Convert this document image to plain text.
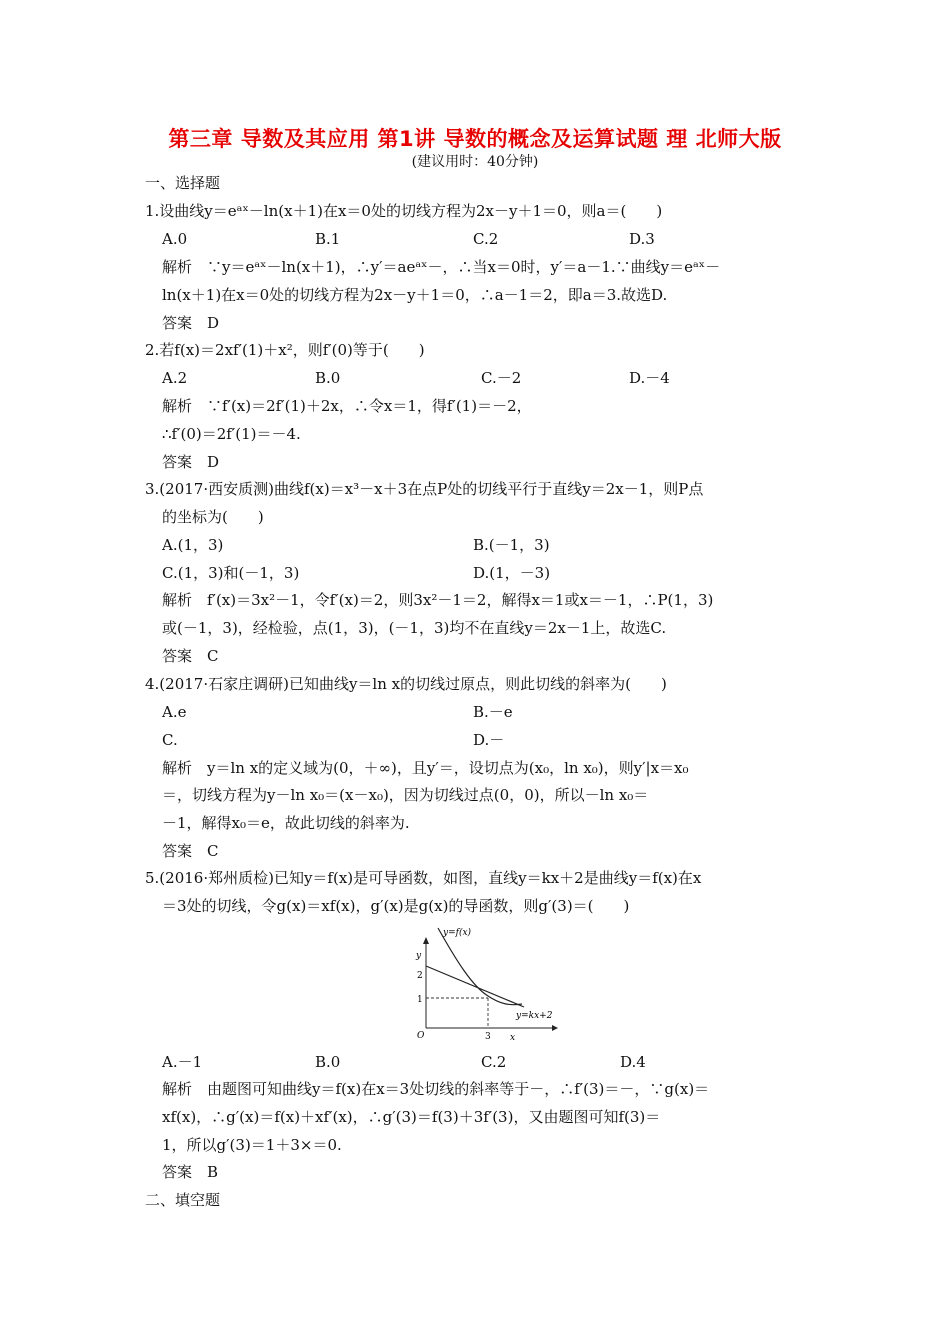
第三章 导数及其应用 第1讲 导数的概念及运算试题 理 北师大版
(建议用时：40分钟)
一、选择题
1.设曲线y＝eᵃˣ－ln(x＋1)在x＝0处的切线方程为2x－y＋1＝0，则a＝(　　)
A.0	B.1	C.2	D.3
解析　∵y＝eᵃˣ－ln(x＋1)，∴y′＝aeᵃˣ－，∴当x＝0时，y′＝a－1.∵曲线y＝eᵃˣ－
ln(x＋1)在x＝0处的切线方程为2x－y＋1＝0，∴a－1＝2，即a＝3.故选D.
答案　D
2.若f(x)＝2xf′(1)＋x²，则f′(0)等于(　　)
A.2	B.0	C.－2	D.－4
解析　∵f′(x)＝2f′(1)＋2x，∴令x＝1，得f′(1)＝－2，
∴f′(0)＝2f′(1)＝－4.
答案　D
3.(2017·西安质测)曲线f(x)＝x³－x＋3在点P处的切线平行于直线y＝2x－1，则P点
的坐标为(　　)
A.(1，3)	B.(－1，3)
C.(1，3)和(－1，3)	D.(1，－3)
解析　f′(x)＝3x²－1，令f′(x)＝2，则3x²－1＝2，解得x＝1或x＝－1，∴P(1，3)
或(－1，3)，经检验，点(1，3)，(－1，3)均不在直线y＝2x－1上，故选C.
答案　C
4.(2017·石家庄调研)已知曲线y＝ln x的切线过原点，则此切线的斜率为(　　)
A.e	B.－e
C.	D.－
解析　y＝ln x的定义域为(0，＋∞)，且y′＝，设切点为(x₀，ln x₀)，则y′|x＝x₀
＝，切线方程为y－ln x₀＝(x－x₀)，因为切线过点(0，0)，所以－ln x₀＝
－1，解得x₀＝e，故此切线的斜率为.
答案　C
5.(2016·郑州质检)已知y＝f(x)是可导函数，如图，直线y＝kx＋2是曲线y＝f(x)在x
＝3处的切线，令g(x)＝xf(x)，g′(x)是g(x)的导函数，则g′(3)＝(　　)
y=f(x)
y=kx+2
y
x
O
2
1
3
A.－1	B.0	C.2	D.4
解析　由题图可知曲线y＝f(x)在x＝3处切线的斜率等于－，∴f′(3)＝－，∵g(x)＝
xf(x)，∴g′(x)＝f(x)＋xf′(x)，∴g′(3)＝f(3)＋3f′(3)，又由题图可知f(3)＝
1，所以g′(3)＝1＋3×＝0.
答案　B
二、填空题
